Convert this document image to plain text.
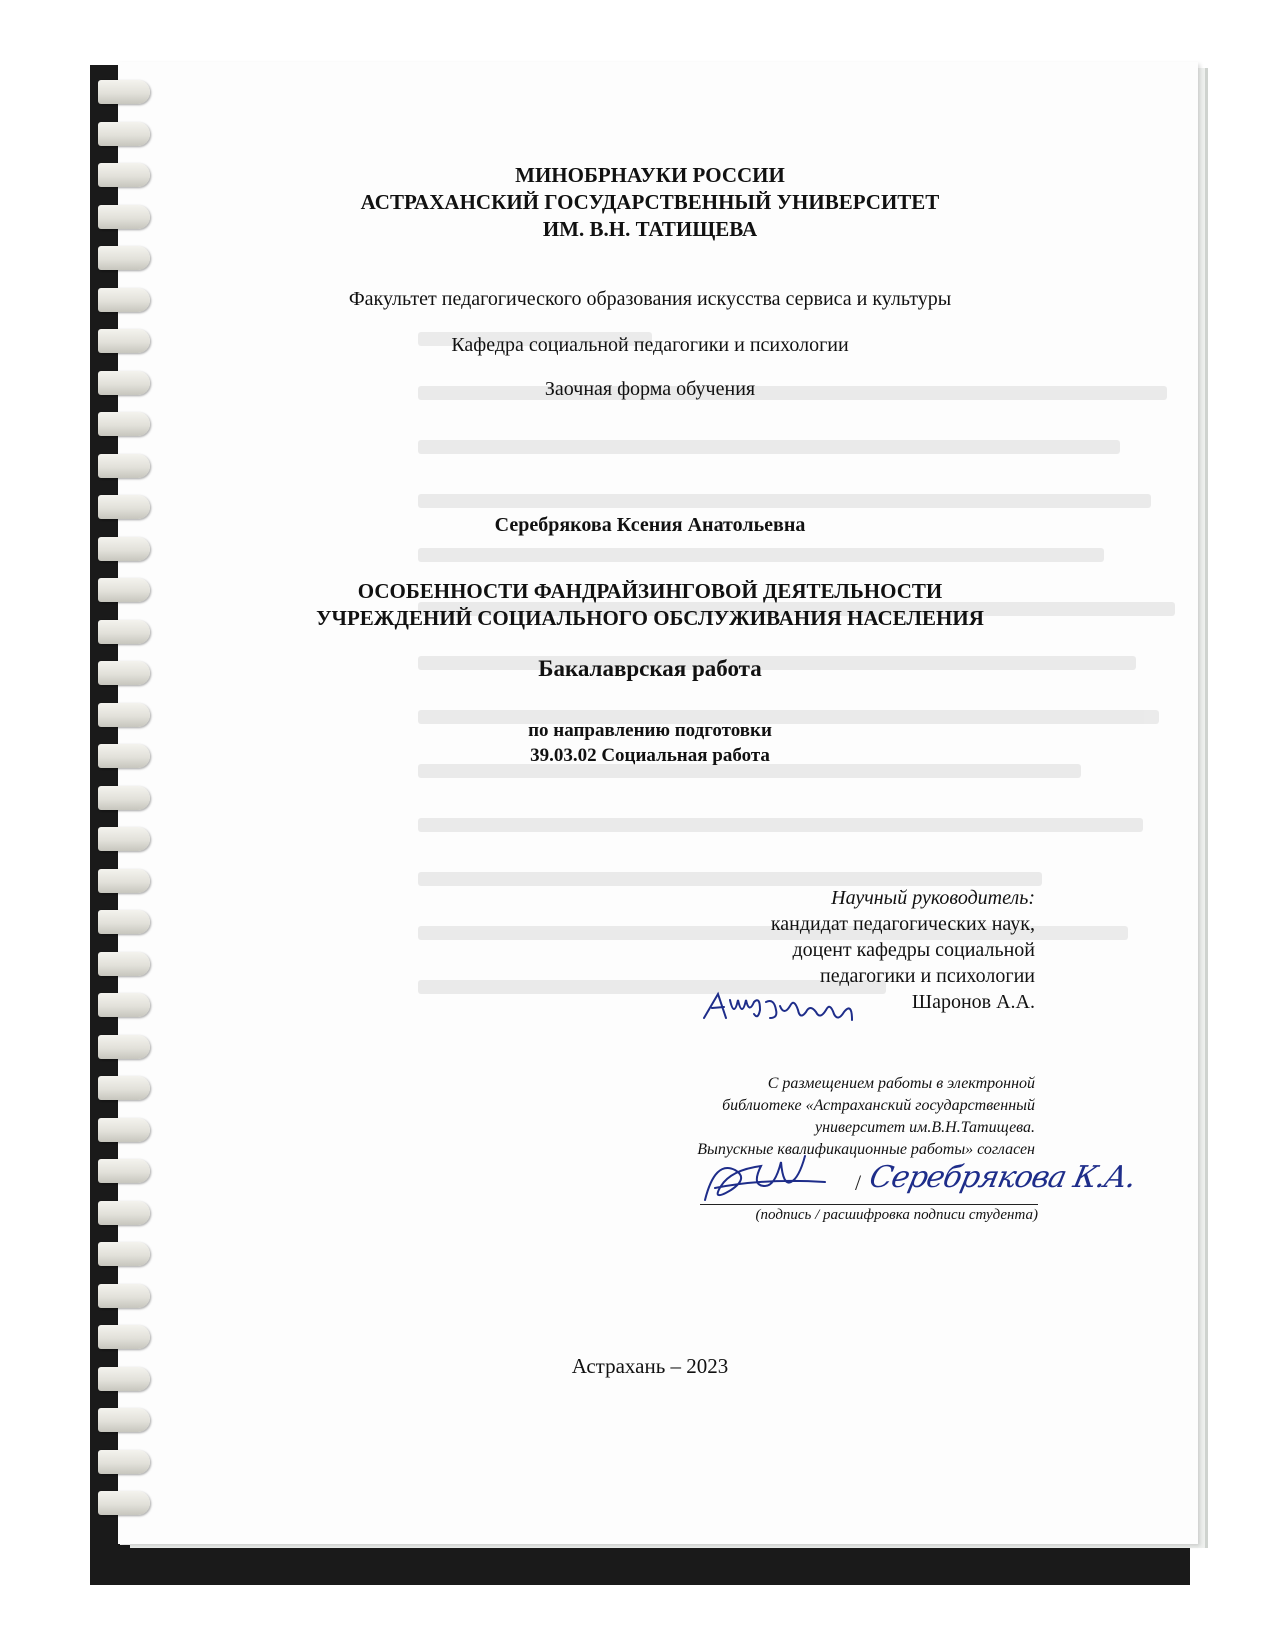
МИНОБРНАУКИ РОССИИ
АСТРАХАНСКИЙ ГОСУДАРСТВЕННЫЙ УНИВЕРСИТЕТ
ИМ. В.Н. ТАТИЩЕВА
Факультет педагогического образования искусства сервиса и культуры
Кафедра социальной педагогики и психологии
Заочная форма обучения
Серебрякова Ксения Анатольевна
ОСОБЕННОСТИ ФАНДРАЙЗИНГОВОЙ ДЕЯТЕЛЬНОСТИ
УЧРЕЖДЕНИЙ СОЦИАЛЬНОГО ОБСЛУЖИВАНИЯ НАСЕЛЕНИЯ
Бакалаврская работа
по направлению подготовки
39.03.02 Социальная работа
Научный руководитель:
кандидат педагогических наук,
доцент кафедры социальной
педагогики и психологии
Шаронов А.А.
С размещением работы в электронной
библиотеке «Астраханский государственный
университет им.В.Н.Татищева.
Выпускные квалификационные работы» согласен
/ Серебрякова К.А.
(подпись / расшифровка подписи студента)
Астрахань – 2023
